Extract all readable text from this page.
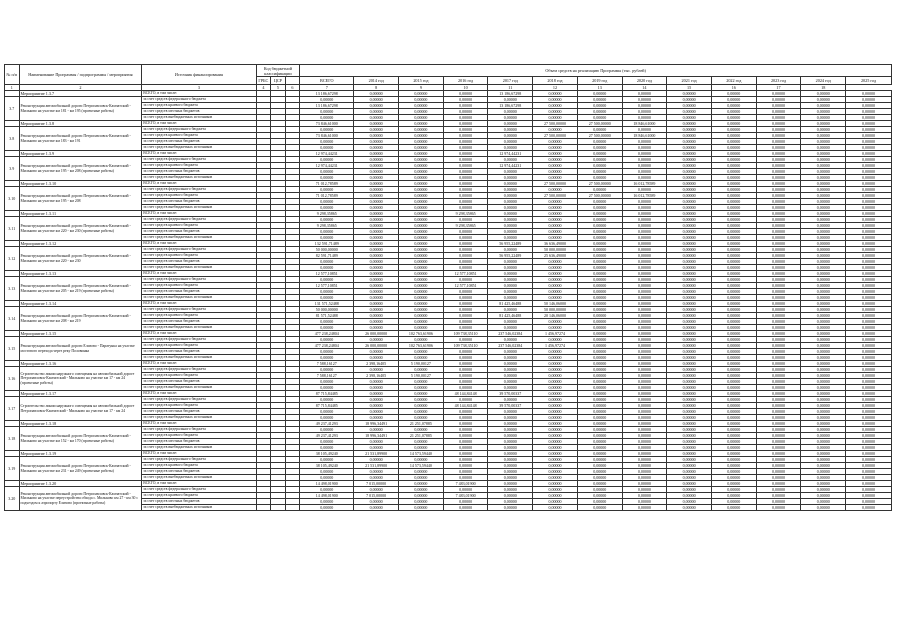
№ п/п	Наименование Программы / подпрограммы / мероприятия	Источник финансирования	Код бюджетной классификации			Объем средств на реализацию Программы (тыс. рублей)												
			ГРБС	ЦСР		ВСЕГО	2014 год	2015 год	2016 год	2017 год	2018 год	2019 год	2020 год	2021 год	2022 год	2023 год	2024 год	2025 год
1	2	3	4	5	6	7	8	9	10	11	12	13	14	15	16	17	18	
	Мероприятие 1.3.7	ВСЕГО, в том числе:				13 186,67298	0,00000	0,00000	0,00000	13 186,67298	0,00000	0,00000	0,00000	0,00000	0,00000	0,00000	0,00000	0,00000
3.7	Реконструкция автомобильной дороги Петропавловск-Камчатский - Мильково на участке км 181 - км 195 (проектные работы)	за счет средств федерального бюджета				0,00000	0,00000	0,00000	0,00000	0,00000	0,00000	0,00000	0,00000	0,00000	0,00000	0,00000	0,00000	0,00000
		за счет средств краевого бюджета				13 186,67298	0,00000	0,00000	0,00000	13 186,67298	0,00000	0,00000	0,00000	0,00000	0,00000	0,00000	0,00000	0,00000
		за счет средств местных бюджетов				0,00000	0,00000	0,00000	0,00000	0,00000	0,00000	0,00000	0,00000	0,00000	0,00000	0,00000	0,00000	0,00000
		за счет средств внебюджетных источников				0,00000	0,00000	0,00000	0,00000	0,00000	0,00000	0,00000	0,00000	0,00000	0,00000	0,00000	0,00000	0,00000
	Мероприятие 1.3.8	ВСЕГО, в том числе:				73 846,61000	0,00000	0,00000	0,00000	0,00000	27 500,00000	27 500,00000	18 846,61000	0,00000	0,00000	0,00000	0,00000	0,00000
3.8	Реконструкция автомобильной дороги Петропавловск-Камчатский - Мильково на участке км 183 - км 191	за счет средств федерального бюджета				0,00000	0,00000	0,00000	0,00000	0,00000	0,00000	0,00000	0,00000	0,00000	0,00000	0,00000	0,00000	0,00000
		за счет средств краевого бюджета				73 846,61000	0,00000	0,00000	0,00000	0,00000	27 500,00000	27 500,00000	18 846,61000	0,00000	0,00000	0,00000	0,00000	0,00000
		за счет средств местных бюджетов				0,00000	0,00000	0,00000	0,00000	0,00000	0,00000	0,00000	0,00000	0,00000	0,00000	0,00000	0,00000	0,00000
		за счет средств внебюджетных источников				0,00000	0,00000	0,00000	0,00000	0,00000	0,00000	0,00000	0,00000	0,00000	0,00000	0,00000	0,00000	0,00000
	Мероприятие 1.3.9	ВСЕГО, в том числе:				12 974,44231	0,00000	0,00000	0,00000	12 974,44231	0,00000	0,00000	0,00000	0,00000	0,00000	0,00000	0,00000	0,00000
3.9	Реконструкция автомобильной дороги Петропавловск-Камчатский - Мильково на участке км 195 - км 208 (проектные работы)	за счет средств федерального бюджета				0,00000	0,00000	0,00000	0,00000	0,00000	0,00000	0,00000	0,00000	0,00000	0,00000	0,00000	0,00000	0,00000
		за счет средств краевого бюджета				12 974,44231	0,00000	0,00000	0,00000	12 974,44231	0,00000	0,00000	0,00000	0,00000	0,00000	0,00000	0,00000	0,00000
		за счет средств местных бюджетов				0,00000	0,00000	0,00000	0,00000	0,00000	0,00000	0,00000	0,00000	0,00000	0,00000	0,00000	0,00000	0,00000
		за счет средств внебюджетных источников				0,00000	0,00000	0,00000	0,00000	0,00000	0,00000	0,00000	0,00000	0,00000	0,00000	0,00000	0,00000	0,00000
	Мероприятие 1.3.10	ВСЕГО, в том числе:				71 012,78589	0,00000	0,00000	0,00000	0,00000	27 500,00000	27 500,00000	16 012,78589	0,00000	0,00000	0,00000	0,00000	0,00000
3.10	Реконструкция автомобильной дороги Петропавловск-Камчатский - Мильково на участке км 195 - км 208	за счет средств федерального бюджета				0,00000	0,00000	0,00000	0,00000	0,00000	0,00000	0,00000	0,00000	0,00000	0,00000	0,00000	0,00000	0,00000
		за счет средств краевого бюджета				71 012,78589	0,00000	0,00000	0,00000	0,00000	27 500,00000	27 500,00000	16 012,78589	0,00000	0,00000	0,00000	0,00000	0,00000
		за счет средств местных бюджетов				0,00000	0,00000	0,00000	0,00000	0,00000	0,00000	0,00000	0,00000	0,00000	0,00000	0,00000	0,00000	0,00000
		за счет средств внебюджетных источников				0,00000	0,00000	0,00000	0,00000	0,00000	0,00000	0,00000	0,00000	0,00000	0,00000	0,00000	0,00000	0,00000
	Мероприятие 1.3.11	ВСЕГО, в том числе:				9 298,35865	0,00000	0,00000	9 298,35865	0,00000	0,00000	0,00000	0,00000	0,00000	0,00000	0,00000	0,00000	0,00000
3.11	Реконструкция автомобильной дороги Петропавловск-Камчатский - Мильково на участке км 220 - км 230 (проектные работы)	за счет средств федерального бюджета				0,00000	0,00000	0,00000	0,00000	0,00000	0,00000	0,00000	0,00000	0,00000	0,00000	0,00000	0,00000	0,00000
		за счет средств краевого бюджета				9 298,35865	0,00000	0,00000	9 298,35865	0,00000	0,00000	0,00000	0,00000	0,00000	0,00000	0,00000	0,00000	0,00000
		за счет средств местных бюджетов				0,00000	0,00000	0,00000	0,00000	0,00000	0,00000	0,00000	0,00000	0,00000	0,00000	0,00000	0,00000	0,00000
		за счет средств внебюджетных источников				0,00000	0,00000	0,00000	0,00000	0,00000	0,00000	0,00000	0,00000	0,00000	0,00000	0,00000	0,00000	0,00000
	Мероприятие 1.3.12	ВСЕГО, в том числе:				132 591,71489	0,00000	0,00000	0,00000	56 955,22489	36 636,49000	0,00000	0,00000	0,00000	0,00000	0,00000	0,00000	0,00000
3.12	Реконструкция автомобильной дороги Петропавловск-Камчатский - Мильково на участке км 220 - км 230	за счет средств федерального бюджета				50 000,00000	0,00000	0,00000	0,00000	0,00000	50 000,00000	0,00000	0,00000	0,00000	0,00000	0,00000	0,00000	0,00000
		за счет средств краевого бюджета				82 591,71489	0,00000	0,00000	0,00000	56 955,22489	25 636,49000	0,00000	0,00000	0,00000	0,00000	0,00000	0,00000	0,00000
		за счет средств местных бюджетов				0,00000	0,00000	0,00000	0,00000	0,00000	0,00000	0,00000	0,00000	0,00000	0,00000	0,00000	0,00000	0,00000
		за счет средств внебюджетных источников				0,00000	0,00000	0,00000	0,00000	0,00000	0,00000	0,00000	0,00000	0,00000	0,00000	0,00000	0,00000	0,00000
	Мероприятие 1.3.13	ВСЕГО, в том числе:				12 577,10851	0,00000	0,00000	12 577,10851	0,00000	0,00000	0,00000	0,00000	0,00000	0,00000	0,00000	0,00000	0,00000
3.13	Реконструкция автомобильной дороги Петропавловск-Камчатский - Мильково на участке км 205 - км 219 (проектные работы)	за счет средств федерального бюджета				0,00000	0,00000	0,00000	0,00000	0,00000	0,00000	0,00000	0,00000	0,00000	0,00000	0,00000	0,00000	0,00000
		за счет средств краевого бюджета				12 577,10851	0,00000	0,00000	12 577,10851	0,00000	0,00000	0,00000	0,00000	0,00000	0,00000	0,00000	0,00000	0,00000
		за счет средств местных бюджетов				0,00000	0,00000	0,00000	0,00000	0,00000	0,00000	0,00000	0,00000	0,00000	0,00000	0,00000	0,00000	0,00000
		за счет средств внебюджетных источников				0,00000	0,00000	0,00000	0,00000	0,00000	0,00000	0,00000	0,00000	0,00000	0,00000	0,00000	0,00000	0,00000
	Мероприятие 1.3.14	ВСЕГО, в том числе:				131 571,52488	0,00000	0,00000	0,00000	81 425,46488	50 146,06000	0,00000	0,00000	0,00000	0,00000	0,00000	0,00000	0,00000
3.14	Реконструкция автомобильной дороги Петропавловск-Камчатский - Мильково на участке км 208 - км 219	за счет средств федерального бюджета				50 000,00000	0,00000	0,00000	0,00000	0,00000	50 000,00000	0,00000	0,00000	0,00000	0,00000	0,00000	0,00000	0,00000
		за счет средств краевого бюджета				81 571,52488	0,00000	0,00000	0,00000	81 425,46488	20 146,06000	0,00000	0,00000	0,00000	0,00000	0,00000	0,00000	0,00000
		за счет средств местных бюджетов				0,00000	0,00000	0,00000	0,00000	0,00000	0,00000	0,00000	0,00000	0,00000	0,00000	0,00000	0,00000	0,00000
		за счет средств внебюджетных источников				0,00000	0,00000	0,00000	0,00000	0,00000	0,00000	0,00000	0,00000	0,00000	0,00000	0,00000	0,00000	0,00000
	Мероприятие 1.3.15	ВСЕГО, в том числе:				477 238,24804	26 000,00000	102 763,61906	109 738,35110	237 546,02384	1 456,97274	0,00000	0,00000	0,00000	0,00000	0,00000	0,00000	0,00000
3.15	Реконструкция автомобильной дороги Елизово - Паратунка на участке мостового перехода через реку Половинка	за счет средств федерального бюджета				0,00000	0,00000	0,00000	0,00000	0,00000	0,00000	0,00000	0,00000	0,00000	0,00000	0,00000	0,00000	0,00000
		за счет средств краевого бюджета				477 238,24804	26 000,00000	102 763,61906	109 738,35110	237 546,02384	1 456,97274	0,00000	0,00000	0,00000	0,00000	0,00000	0,00000	0,00000
		за счет средств местных бюджетов				0,00000	0,00000	0,00000	0,00000	0,00000	0,00000	0,00000	0,00000	0,00000	0,00000	0,00000	0,00000	0,00000
		за счет средств внебюджетных источников				0,00000	0,00000	0,00000	0,00000	0,00000	0,00000	0,00000	0,00000	0,00000	0,00000	0,00000	0,00000	0,00000
	Мероприятие 1.3.16	ВСЕГО, в том числе:				7 588,16127	2 398,16405	5 190,00127	0,00000	0,00000	0,00000	0,00000	0,00000	0,00000	0,00000	0,00000	0,00000	0,00000
3.16	Строительство линии наружного освещения на автомобильной дороге Петропавловск-Камчатский - Мильково на участке км 17 - км 24 (проектные работы)	за счет средств федерального бюджета				0,00000	0,00000	0,00000	0,00000	0,00000	0,00000	0,00000	0,00000	0,00000	0,00000	0,00000	0,00000	0,00000
		за счет средств краевого бюджета				7 588,16127	2 398,16405	5 190,00127	0,00000	0,00000	0,00000	0,00000	0,00000	0,00000	0,00000	0,00000	0,00000	0,00000
		за счет средств местных бюджетов				0,00000	0,00000	0,00000	0,00000	0,00000	0,00000	0,00000	0,00000	0,00000	0,00000	0,00000	0,00000	0,00000
		за счет средств внебюджетных источников				0,00000	0,00000	0,00000	0,00000	0,00000	0,00000	0,00000	0,00000	0,00000	0,00000	0,00000	0,00000	0,00000
	Мероприятие 1.3.17	ВСЕГО, в том числе:				87 715,84485	0,00000	0,00000	48 144,84148	39 570,00337	0,00000	0,00000	0,00000	0,00000	0,00000	0,00000	0,00000	0,00000
3.17	Строительство линии наружного освещения на автомобильной дороге Петропавловск-Камчатский - Мильково на участке км 17 - км 24	за счет средств федерального бюджета				0,00000	0,00000	0,00000	0,00000	0,00000	0,00000	0,00000	0,00000	0,00000	0,00000	0,00000	0,00000	0,00000
		за счет средств краевого бюджета				87 715,84485	0,00000	0,00000	48 144,84148	39 570,00337	0,00000	0,00000	0,00000	0,00000	0,00000	0,00000	0,00000	0,00000
		за счет средств местных бюджетов				0,00000	0,00000	0,00000	0,00000	0,00000	0,00000	0,00000	0,00000	0,00000	0,00000	0,00000	0,00000	0,00000
		за счет средств внебюджетных источников				0,00000	0,00000	0,00000	0,00000	0,00000	0,00000	0,00000	0,00000	0,00000	0,00000	0,00000	0,00000	0,00000
	Мероприятие 1.3.18	ВСЕГО, в том числе:				49 237,41293	18 996,34491	21 251,07885	0,00000	0,00000	0,00000	0,00000	0,00000	0,00000	0,00000	0,00000	0,00000	0,00000
3.18	Реконструкция автомобильной дороги Петропавловск-Камчатский - Мильково на участке км 152 - км 170 (проектные работы)	за счет средств федерального бюджета				0,00000	0,00000	0,00000	0,00000	0,00000	0,00000	0,00000	0,00000	0,00000	0,00000	0,00000	0,00000	0,00000
		за счет средств краевого бюджета				49 237,41293	18 996,34491	21 251,07885	0,00000	0,00000	0,00000	0,00000	0,00000	0,00000	0,00000	0,00000	0,00000	0,00000
		за счет средств местных бюджетов				0,00000	0,00000	0,00000	0,00000	0,00000	0,00000	0,00000	0,00000	0,00000	0,00000	0,00000	0,00000	0,00000
		за счет средств внебюджетных источников				0,00000	0,00000	0,00000	0,00000	0,00000	0,00000	0,00000	0,00000	0,00000	0,00000	0,00000	0,00000	0,00000
	Мероприятие 1.3.19	ВСЕГО, в том числе:				38 105,49240	21 531,89900	14 573,59440	0,00000	0,00000	0,00000	0,00000	0,00000	0,00000	0,00000	0,00000	0,00000	0,00000
3.19	Реконструкция автомобильной дороги Петропавловск-Камчатский - Мильково на участке км 231 - км 249 (проектные работы)	за счет средств федерального бюджета				0,00000	0,00000	0,00000	0,00000	0,00000	0,00000	0,00000	0,00000	0,00000	0,00000	0,00000	0,00000	0,00000
		за счет средств краевого бюджета				38 105,49240	21 531,89900	14 573,59440	0,00000	0,00000	0,00000	0,00000	0,00000	0,00000	0,00000	0,00000	0,00000	0,00000
		за счет средств местных бюджетов				0,00000	0,00000	0,00000	0,00000	0,00000	0,00000	0,00000	0,00000	0,00000	0,00000	0,00000	0,00000	0,00000
		за счет средств внебюджетных источников				0,00000	0,00000	0,00000	0,00000	0,00000	0,00000	0,00000	0,00000	0,00000	0,00000	0,00000	0,00000	0,00000
	Мероприятие 1.3.20	ВСЕГО, в том числе:				14 498,01900	7 015,00000	0,00000	7 483,01900	0,00000	0,00000	0,00000	0,00000	0,00000	0,00000	0,00000	0,00000	0,00000
3.20	Реконструкция автомобильной дороги Петропавловск-Камчатский - Мильково на участке переустройства обхода с. Мильково км 27 - км 30 с подъездом к аэропорту Елизово (проектные работы)	за счет средств федерального бюджета				0,00000	0,00000	0,00000	0,00000	0,00000	0,00000	0,00000	0,00000	0,00000	0,00000	0,00000	0,00000	0,00000
		за счет средств краевого бюджета				14 498,01900	7 015,00000	0,00000	7 483,01900	0,00000	0,00000	0,00000	0,00000	0,00000	0,00000	0,00000	0,00000	0,00000
		за счет средств местных бюджетов				0,00000	0,00000	0,00000	0,00000	0,00000	0,00000	0,00000	0,00000	0,00000	0,00000	0,00000	0,00000	0,00000
		за счет средств внебюджетных источников				0,00000	0,00000	0,00000	0,00000	0,00000	0,00000	0,00000	0,00000	0,00000	0,00000	0,00000	0,00000	0,00000
